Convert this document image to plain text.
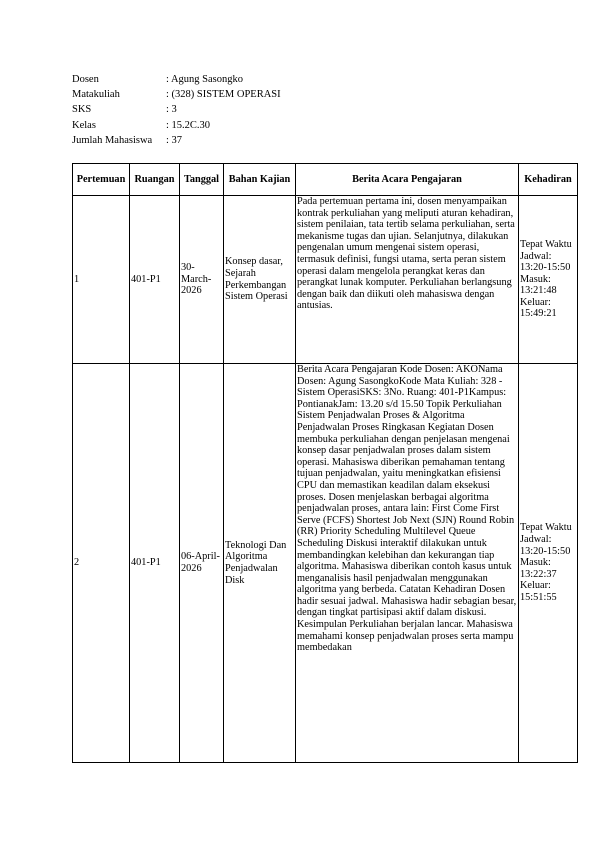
Dosen	: Agung Sasongko
Matakuliah	: (328) SISTEM OPERASI
SKS	: 3
Kelas	: 15.2C.30
Jumlah Mahasiswa	: 37
Pertemuan	Ruangan	Tanggal	Bahan Kajian	Berita Acara Pengajaran	Kehadiran
1	401-P1	30-March-2026	Konsep dasar, Sejarah Perkembangan Sistem Operasi	Pada pertemuan pertama ini, dosen menyampaikan kontrak perkuliahan yang meliputi aturan kehadiran, sistem penilaian, tata tertib selama perkuliahan, serta mekanisme tugas dan ujian. Selanjutnya, dilakukan pengenalan umum mengenai sistem operasi, termasuk definisi, fungsi utama, serta peran sistem operasi dalam mengelola perangkat keras dan perangkat lunak komputer. Perkuliahan berlangsung dengan baik dan diikuti oleh mahasiswa dengan antusias.	Tepat Waktu Jadwal: 13:20-15:50 Masuk: 13:21:48 Keluar: 15:49:21
2	401-P1	06-April-2026	Teknologi Dan Algoritma Penjadwalan Disk	Berita Acara Pengajaran Kode Dosen: AKONama Dosen: Agung SasongkoKode Mata Kuliah: 328 - Sistem OperasiSKS: 3No. Ruang: 401-P1Kampus: PontianakJam: 13.20 s/d 15.50 Topik Perkuliahan Sistem Penjadwalan Proses & Algoritma Penjadwalan Proses Ringkasan Kegiatan Dosen membuka perkuliahan dengan penjelasan mengenai konsep dasar penjadwalan proses dalam sistem operasi. Mahasiswa diberikan pemahaman tentang tujuan penjadwalan, yaitu meningkatkan efisiensi CPU dan memastikan keadilan dalam eksekusi proses. Dosen menjelaskan berbagai algoritma penjadwalan proses, antara lain: First Come First Serve (FCFS) Shortest Job Next (SJN) Round Robin (RR) Priority Scheduling Multilevel Queue Scheduling Diskusi interaktif dilakukan untuk membandingkan kelebihan dan kekurangan tiap algoritma. Mahasiswa diberikan contoh kasus untuk menganalisis hasil penjadwalan menggunakan algoritma yang berbeda. Catatan Kehadiran Dosen hadir sesuai jadwal. Mahasiswa hadir sebagian besar, dengan tingkat partisipasi aktif dalam diskusi. Kesimpulan Perkuliahan berjalan lancar. Mahasiswa memahami konsep penjadwalan proses serta mampu membedakan	Tepat Waktu Jadwal: 13:20-15:50 Masuk: 13:22:37 Keluar: 15:51:55
